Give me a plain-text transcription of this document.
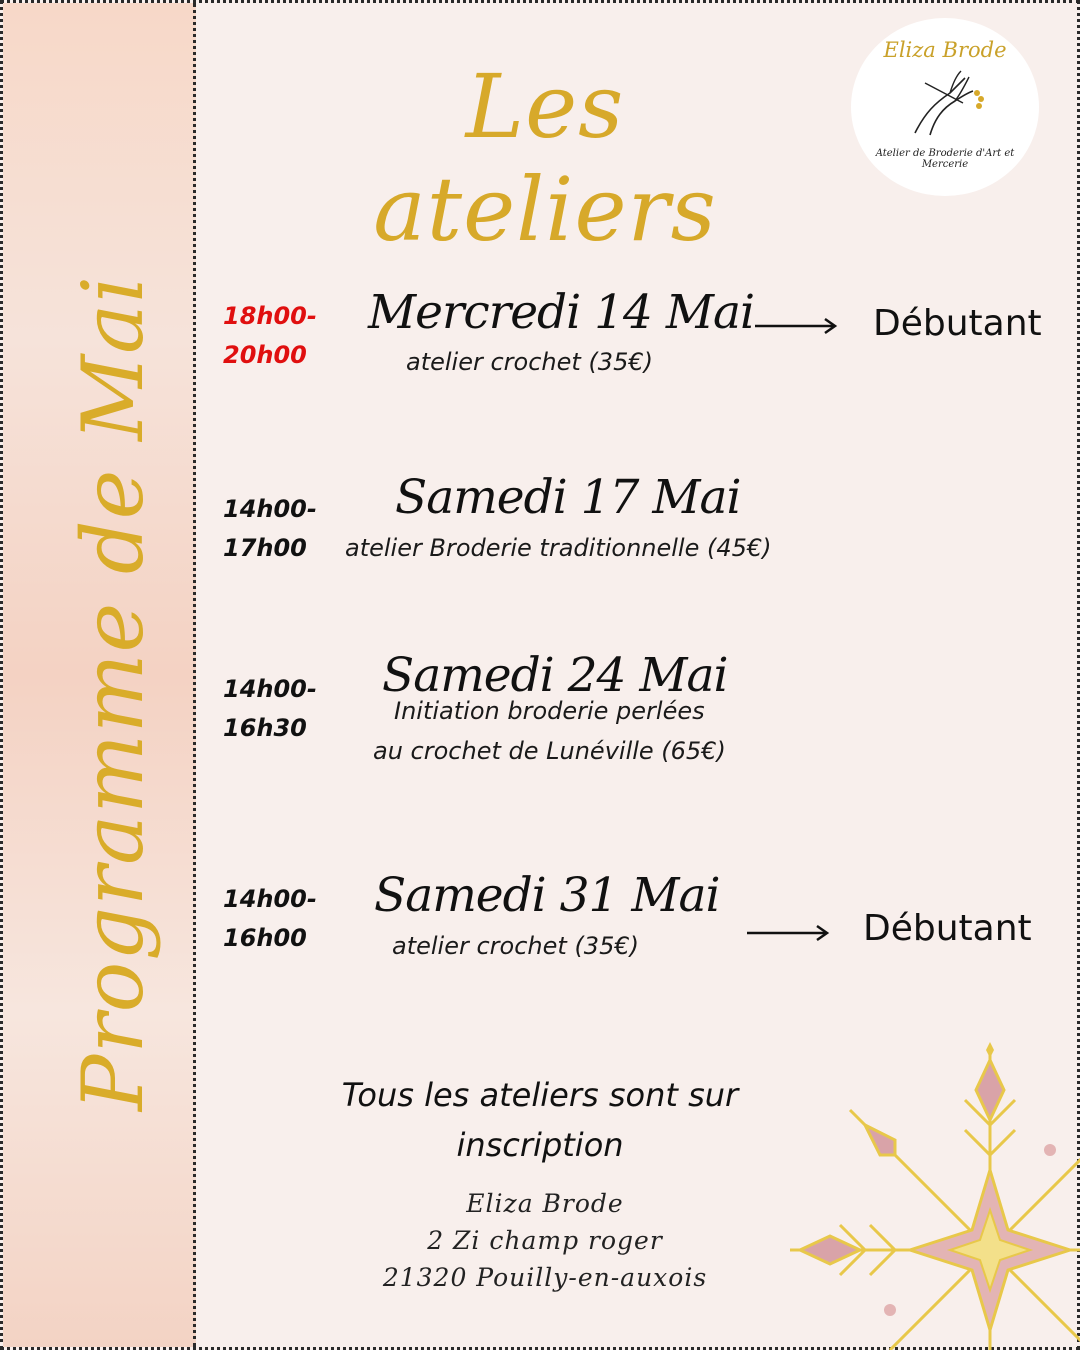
Programme de Mai
Les ateliers
Eliza Brode
Atelier de Broderie d'Art et Mercerie
18h00-
20h00
Mercredi 14 Mai
atelier crochet (35€)
Débutant
14h00-
17h00
Samedi 17 Mai
atelier Broderie traditionnelle (45€)
14h00-
16h30
Samedi 24 Mai
Initiation broderie perlées
au crochet de Lunéville (65€)
14h00-
16h00
Samedi 31 Mai
atelier crochet (35€)	Débutant
Tous les ateliers sont sur
inscription
Eliza Brode
2 Zi champ roger
21320 Pouilly-en-auxois
